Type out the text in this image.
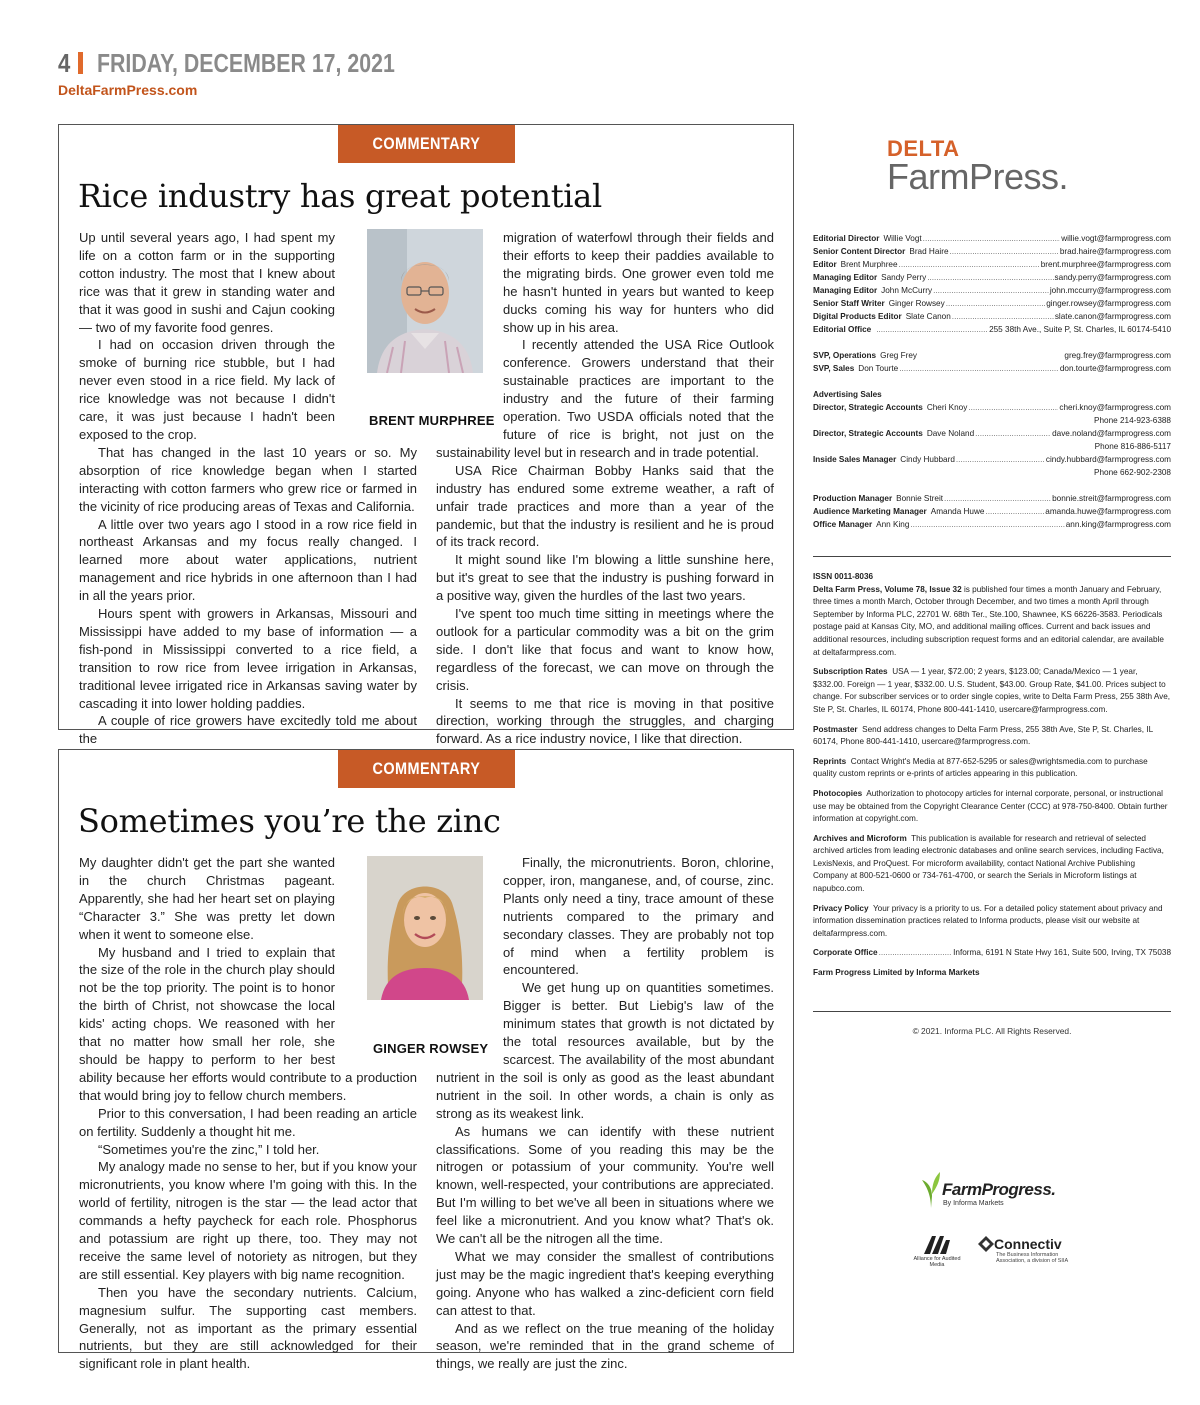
4 FRIDAY, DECEMBER 17, 2021
DeltaFarmPress.com
COMMENTARY
Rice industry has great potential

Up until several years ago, I had spent my life on a cotton farm or in the supporting cotton industry. The most that I knew about rice was that it grew in standing water and that it was good in sushi and Cajun cooking — two of my favorite food genres.

I had on occasion driven through the smoke of burning rice stubble, but I had never even stood in a rice field. My lack of rice knowledge was not because I didn't care, it was just because I hadn't been exposed to the crop.

That has changed in the last 10 years or so. My absorption of rice knowledge began when I started interacting with cotton farmers who grew rice or farmed in the vicinity of rice producing areas of Texas and California.

A little over two years ago I stood in a row rice field in northeast Arkansas and my focus really changed. I learned more about water applications, nutrient management and rice hybrids in one afternoon than I had in all the years prior.

Hours spent with growers in Arkansas, Missouri and Mississippi have added to my base of information — a fish-pond in Mississippi converted to a rice field, a transition to row rice from levee irrigation in Arkansas, traditional levee irrigated rice in Arkansas saving water by cascading it into lower holding paddies.

A couple of rice growers have excitedly told me about the

BRENT MURPHREE

migration of waterfowl through their fields and their efforts to keep their paddies available to the migrating birds. One grower even told me he hasn't hunted in years but wanted to keep ducks coming his way for hunters who did show up in his area.

I recently attended the USA Rice Outlook conference. Growers understand that their sustainable practices are important to the industry and the future of their farming operation. Two USDA officials noted that the future of rice is bright, not just on the sustainability level but in research and in trade potential.

USA Rice Chairman Bobby Hanks said that the industry has endured some extreme weather, a raft of unfair trade practices and more than a year of the pandemic, but that the industry is resilient and he is proud of its track record.

It might sound like I'm blowing a little sunshine here, but it's great to see that the industry is pushing forward in a positive way, given the hurdles of the last two years.

I've spent too much time sitting in meetings where the outlook for a particular commodity was a bit on the grim side. I don't like that focus and want to know how, regardless of the forecast, we can move on through the crisis.

It seems to me that rice is moving in that positive direction, working through the struggles, and charging forward. As a rice industry novice, I like that direction.

COMMENTARY
Sometimes you’re the zinc

My daughter didn't get the part she wanted in the church Christmas pageant. Apparently, she had her heart set on playing “Character 3.” She was pretty let down when it went to someone else.

My husband and I tried to explain that the size of the role in the church play should not be the top priority. The point is to honor the birth of Christ, not showcase the local kids' acting chops. We reasoned with her that no matter how small her role, she should be happy to perform to her best ability because her efforts would contribute to a production that would bring joy to fellow church members.

Prior to this conversation, I had been reading an article on fertility. Suddenly a thought hit me.

“Sometimes you're the zinc,” I told her.

My analogy made no sense to her, but if you know your micronutrients, you know where I'm going with this. In the world of fertility, nitrogen is the star — the lead actor that commands a hefty paycheck for each role. Phosphorus and potassium are right up there, too. They may not receive the same level of notoriety as nitrogen, but they are still essential. Key players with big name recognition.

Then you have the secondary nutrients. Calcium, magnesium sulfur. The supporting cast members. Generally, not as important as the primary essential nutrients, but they are still acknowledged for their significant role in plant health.

GINGER ROWSEY

Finally, the micronutrients. Boron, chlorine, copper, iron, manganese, and, of course, zinc. Plants only need a tiny, trace amount of these nutrients compared to the primary and secondary classes. They are probably not top of mind when a fertility problem is encountered.

We get hung up on quantities sometimes. Bigger is better. But Liebig's law of the minimum states that growth is not dictated by the total resources available, but by the scarcest. The availability of the most abundant nutrient in the soil is only as good as the least abundant nutrient in the soil. In other words, a chain is only as strong as its weakest link.

As humans we can identify with these nutrient classifications. Some of you reading this may be the nitrogen or potassium of your community. You're well known, well-respected, your contributions are appreciated. But I'm willing to bet we've all been in situations where we feel like a micronutrient. And you know what? That's ok. We can't all be the nitrogen all the time.

What we may consider the smallest of contributions just may be the magic ingredient that's keeping everything going. Anyone who has walked a zinc-deficient corn field can attest to that.

And as we reflect on the true meaning of the holiday season, we're reminded that in the grand scheme of things, we really are just the zinc.

DELTA
FarmPress.
Editorial Director Willie Vogt .....	willie.vogt@farmprogress.com
Senior Content Director Brad Haire .....	brad.haire@farmprogress.com
Editor Brent Murphree .....	brent.murphree@farmprogress.com
Managing Editor Sandy Perry .....	sandy.perry@farmprogress.com
Managing Editor John McCurry .....	john.mccurry@farmprogress.com
Senior Staff Writer Ginger Rowsey .....	ginger.rowsey@farmprogress.com
Digital Products Editor Slate Canon .....	slate.canon@farmprogress.com
Editorial Office .....	255 38th Ave., Suite P, St. Charles, IL 60174-5410
SVP, Operations Greg Frey	greg.frey@farmprogress.com
SVP, Sales Don Tourte .....	don.tourte@farmprogress.com
Advertising Sales
Director, Strategic Accounts Cheri Knoy .....	cheri.knoy@farmprogress.com
Phone 214-923-6388
Director, Strategic Accounts Dave Noland .....	dave.noland@farmprogress.com
Phone 816-886-5117
Inside Sales Manager Cindy Hubbard .....	cindy.hubbard@farmprogress.com
Phone 662-902-2308
Production Manager Bonnie Streit .....	bonnie.streit@farmprogress.com
Audience Marketing Manager Amanda Huwe .....	amanda.huwe@farmprogress.com
Office Manager Ann King .....	ann.king@farmprogress.com

ISSN 0011-8036

Delta Farm Press, Volume 78, Issue 32 is published four times a month January and February, three times a month March, October through December, and two times a month April through September by Informa PLC, 22701 W. 68th Ter., Ste.100, Shawnee, KS 66226-3583. Periodicals postage paid at Kansas City, MO, and additional mailing offices. Current and back issues and additional resources, including subscription request forms and an editorial calendar, are available at deltafarmpress.com.

Subscription Rates USA — 1 year, $72.00; 2 years, $123.00; Canada/Mexico — 1 year, $332.00. Foreign — 1 year, $332.00. U.S. Student, $43.00. Group Rate, $41.00. Prices subject to change. For subscriber services or to order single copies, write to Delta Farm Press, 255 38th Ave, Ste P, St. Charles, IL 60174, Phone 800-441-1410, usercare@farmprogress.com.

Postmaster Send address changes to Delta Farm Press, 255 38th Ave, Ste P, St. Charles, IL 60174, Phone 800-441-1410, usercare@farmprogress.com.

Reprints Contact Wright's Media at 877-652-5295 or sales@wrightsmedia.com to purchase quality custom reprints or e-prints of articles appearing in this publication.

Photocopies Authorization to photocopy articles for internal corporate, personal, or instructional use may be obtained from the Copyright Clearance Center (CCC) at 978-750-8400. Obtain further information at copyright.com.

Archives and Microform This publication is available for research and retrieval of selected archived articles from leading electronic databases and online search services, including Factiva, LexisNexis, and ProQuest. For microform availability, contact National Archive Publishing Company at 800-521-0600 or 734-761-4700, or search the Serials in Microform listings at napubco.com.

Privacy Policy Your privacy is a priority to us. For a detailed policy statement about privacy and information dissemination practices related to Informa products, please visit our website at deltafarmpress.com.

Corporate Office .....	Informa, 6191 N State Hwy 161, Suite 500, Irving, TX 75038

Farm Progress Limited by Informa Markets

© 2021. Informa PLC. All Rights Reserved.
FarmProgress.
By Informa Markets
Alliance for Audited Media
Connectiv
The Business Information Association, a division of SIIA
